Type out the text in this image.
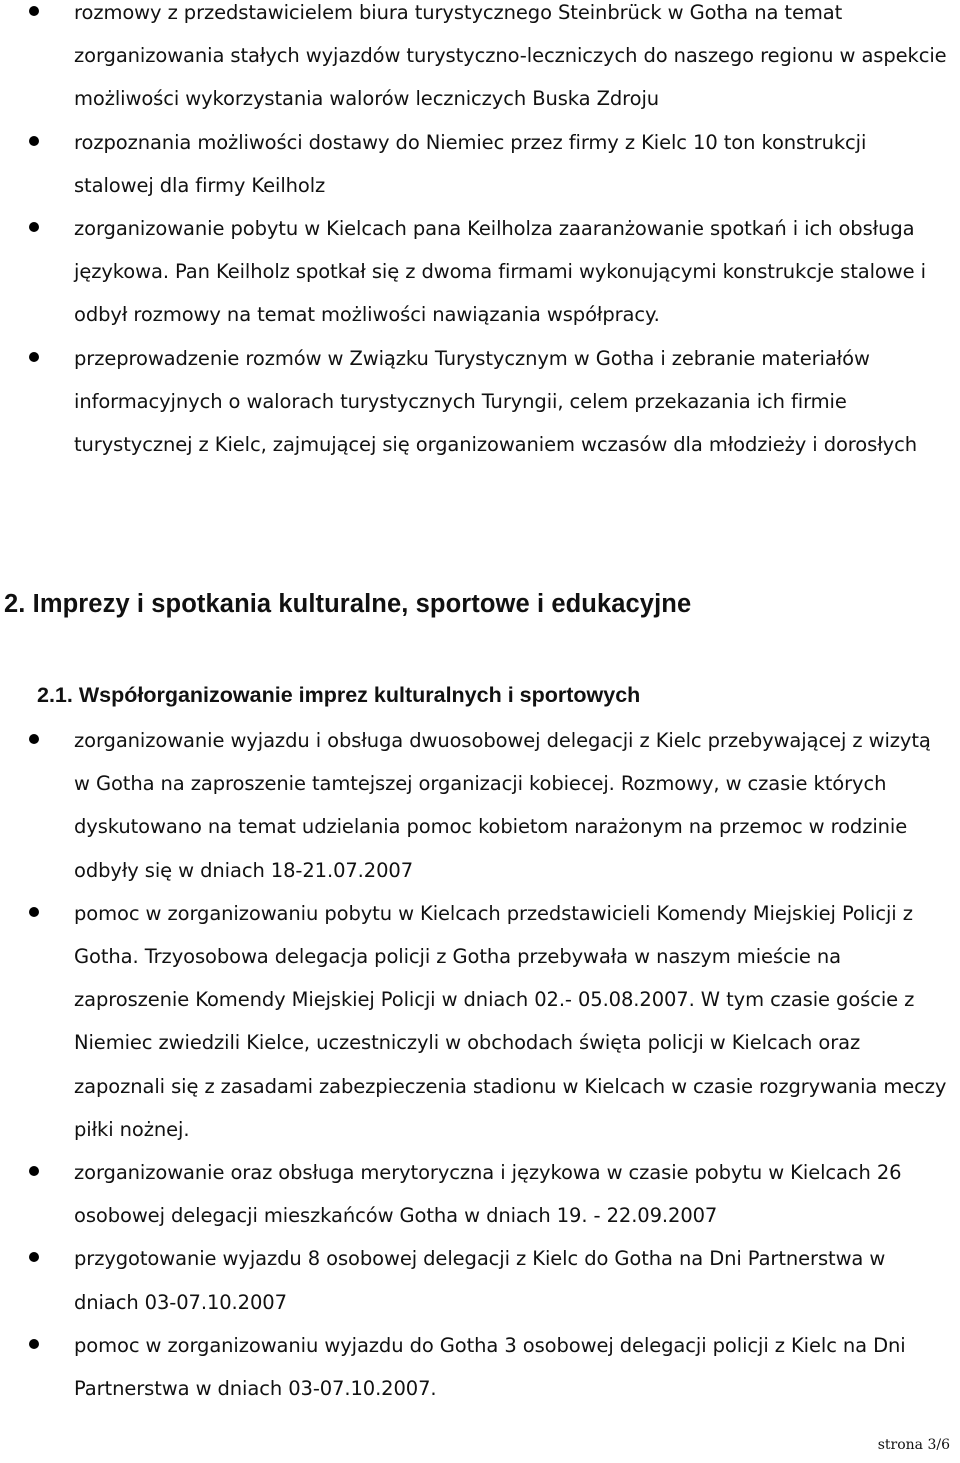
rozmowy z przedstawicielem biura turystycznego Steinbrück w Gotha na temat zorganizowania stałych wyjazdów turystyczno-leczniczych do naszego regionu w aspekcie możliwości wykorzystania walorów leczniczych Buska Zdroju
rozpoznania możliwości dostawy do Niemiec przez firmy z Kielc 10 ton konstrukcji stalowej dla firmy Keilholz
zorganizowanie pobytu w Kielcach pana Keilholza zaaranżowanie spotkań i ich obsługa językowa. Pan Keilholz spotkał się z dwoma firmami wykonującymi konstrukcje stalowe i odbył rozmowy na temat możliwości nawiązania współpracy.
przeprowadzenie rozmów w Związku Turystycznym w Gotha i zebranie materiałów informacyjnych o walorach turystycznych Turyngii, celem przekazania ich firmie turystycznej z Kielc, zajmującej się organizowaniem wczasów dla młodzieży i dorosłych
2. Imprezy i spotkania kulturalne, sportowe i edukacyjne
2.1. Współorganizowanie imprez kulturalnych i sportowych
zorganizowanie wyjazdu i obsługa dwuosobowej delegacji z Kielc przebywającej z wizytą w Gotha na zaproszenie tamtejszej organizacji kobiecej. Rozmowy, w czasie których dyskutowano na temat udzielania pomoc kobietom narażonym na przemoc w rodzinie odbyły się w dniach 18-21.07.2007
pomoc w zorganizowaniu pobytu w Kielcach przedstawicieli Komendy Miejskiej Policji z Gotha. Trzyosobowa delegacja policji z Gotha przebywała w naszym mieście na zaproszenie Komendy Miejskiej Policji w dniach 02.- 05.08.2007. W tym czasie goście z Niemiec zwiedzili Kielce, uczestniczyli w obchodach święta policji w Kielcach oraz zapoznali się z zasadami zabezpieczenia stadionu w Kielcach w czasie rozgrywania meczy piłki nożnej.
zorganizowanie oraz obsługa merytoryczna i językowa w czasie pobytu w Kielcach 26 osobowej delegacji mieszkańców Gotha w dniach 19. - 22.09.2007
przygotowanie wyjazdu 8 osobowej delegacji z Kielc do Gotha na Dni Partnerstwa w dniach 03-07.10.2007
pomoc w zorganizowaniu wyjazdu do Gotha 3 osobowej delegacji policji z Kielc na Dni Partnerstwa w dniach 03-07.10.2007.
strona 3/6
